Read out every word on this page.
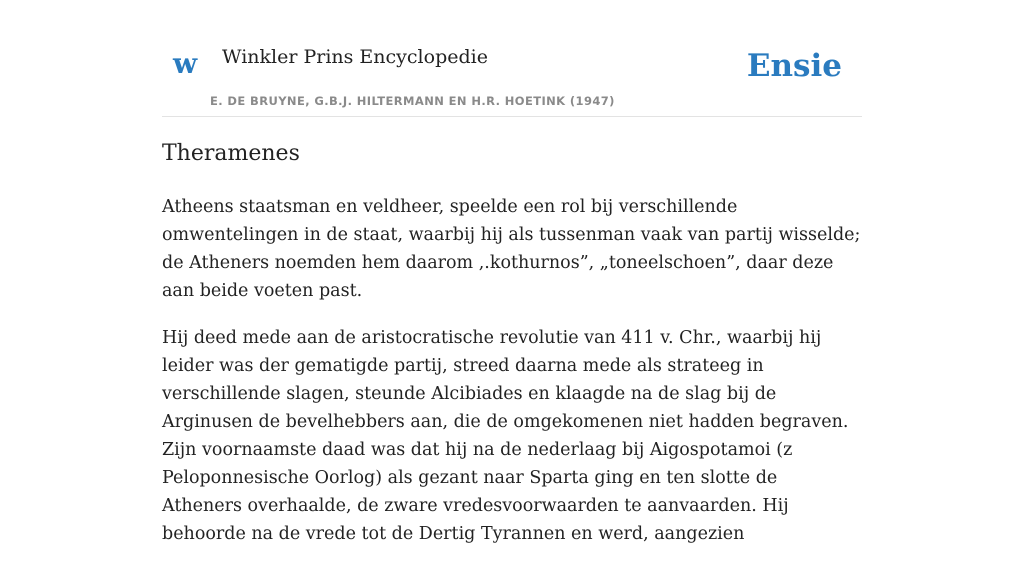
w Winkler Prins Encyclopedie
E. DE BRUYNE, G.B.J. HILTERMANN EN H.R. HOETINK (1947)
Ensie
Theramenes

Atheens staatsman en veldheer, speelde een rol bij verschillende omwentelingen in de staat, waarbij hij als tussenman vaak van partij wisselde; de Atheners noemden hem daarom ,.kothurnos”, „toneelschoen”, daar deze aan beide voeten past.

Hij deed mede aan de aristocratische revolutie van 411 v. Chr., waarbij hij leider was der gematigde partij, streed daarna mede als strateeg in verschillende slagen, steunde Alcibiades en klaagde na de slag bij de Arginusen de bevelhebbers aan, die de omgekomenen niet hadden begraven. Zijn voornaamste daad was dat hij na de nederlaag bij Aigospotamoi (z Peloponnesische Oorlog) als gezant naar Sparta ging en ten slotte de Atheners overhaalde, de zware vredesvoorwaarden te aanvaarden. Hij behoorde na de vrede tot de Dertig Tyrannen en werd, aangezien
